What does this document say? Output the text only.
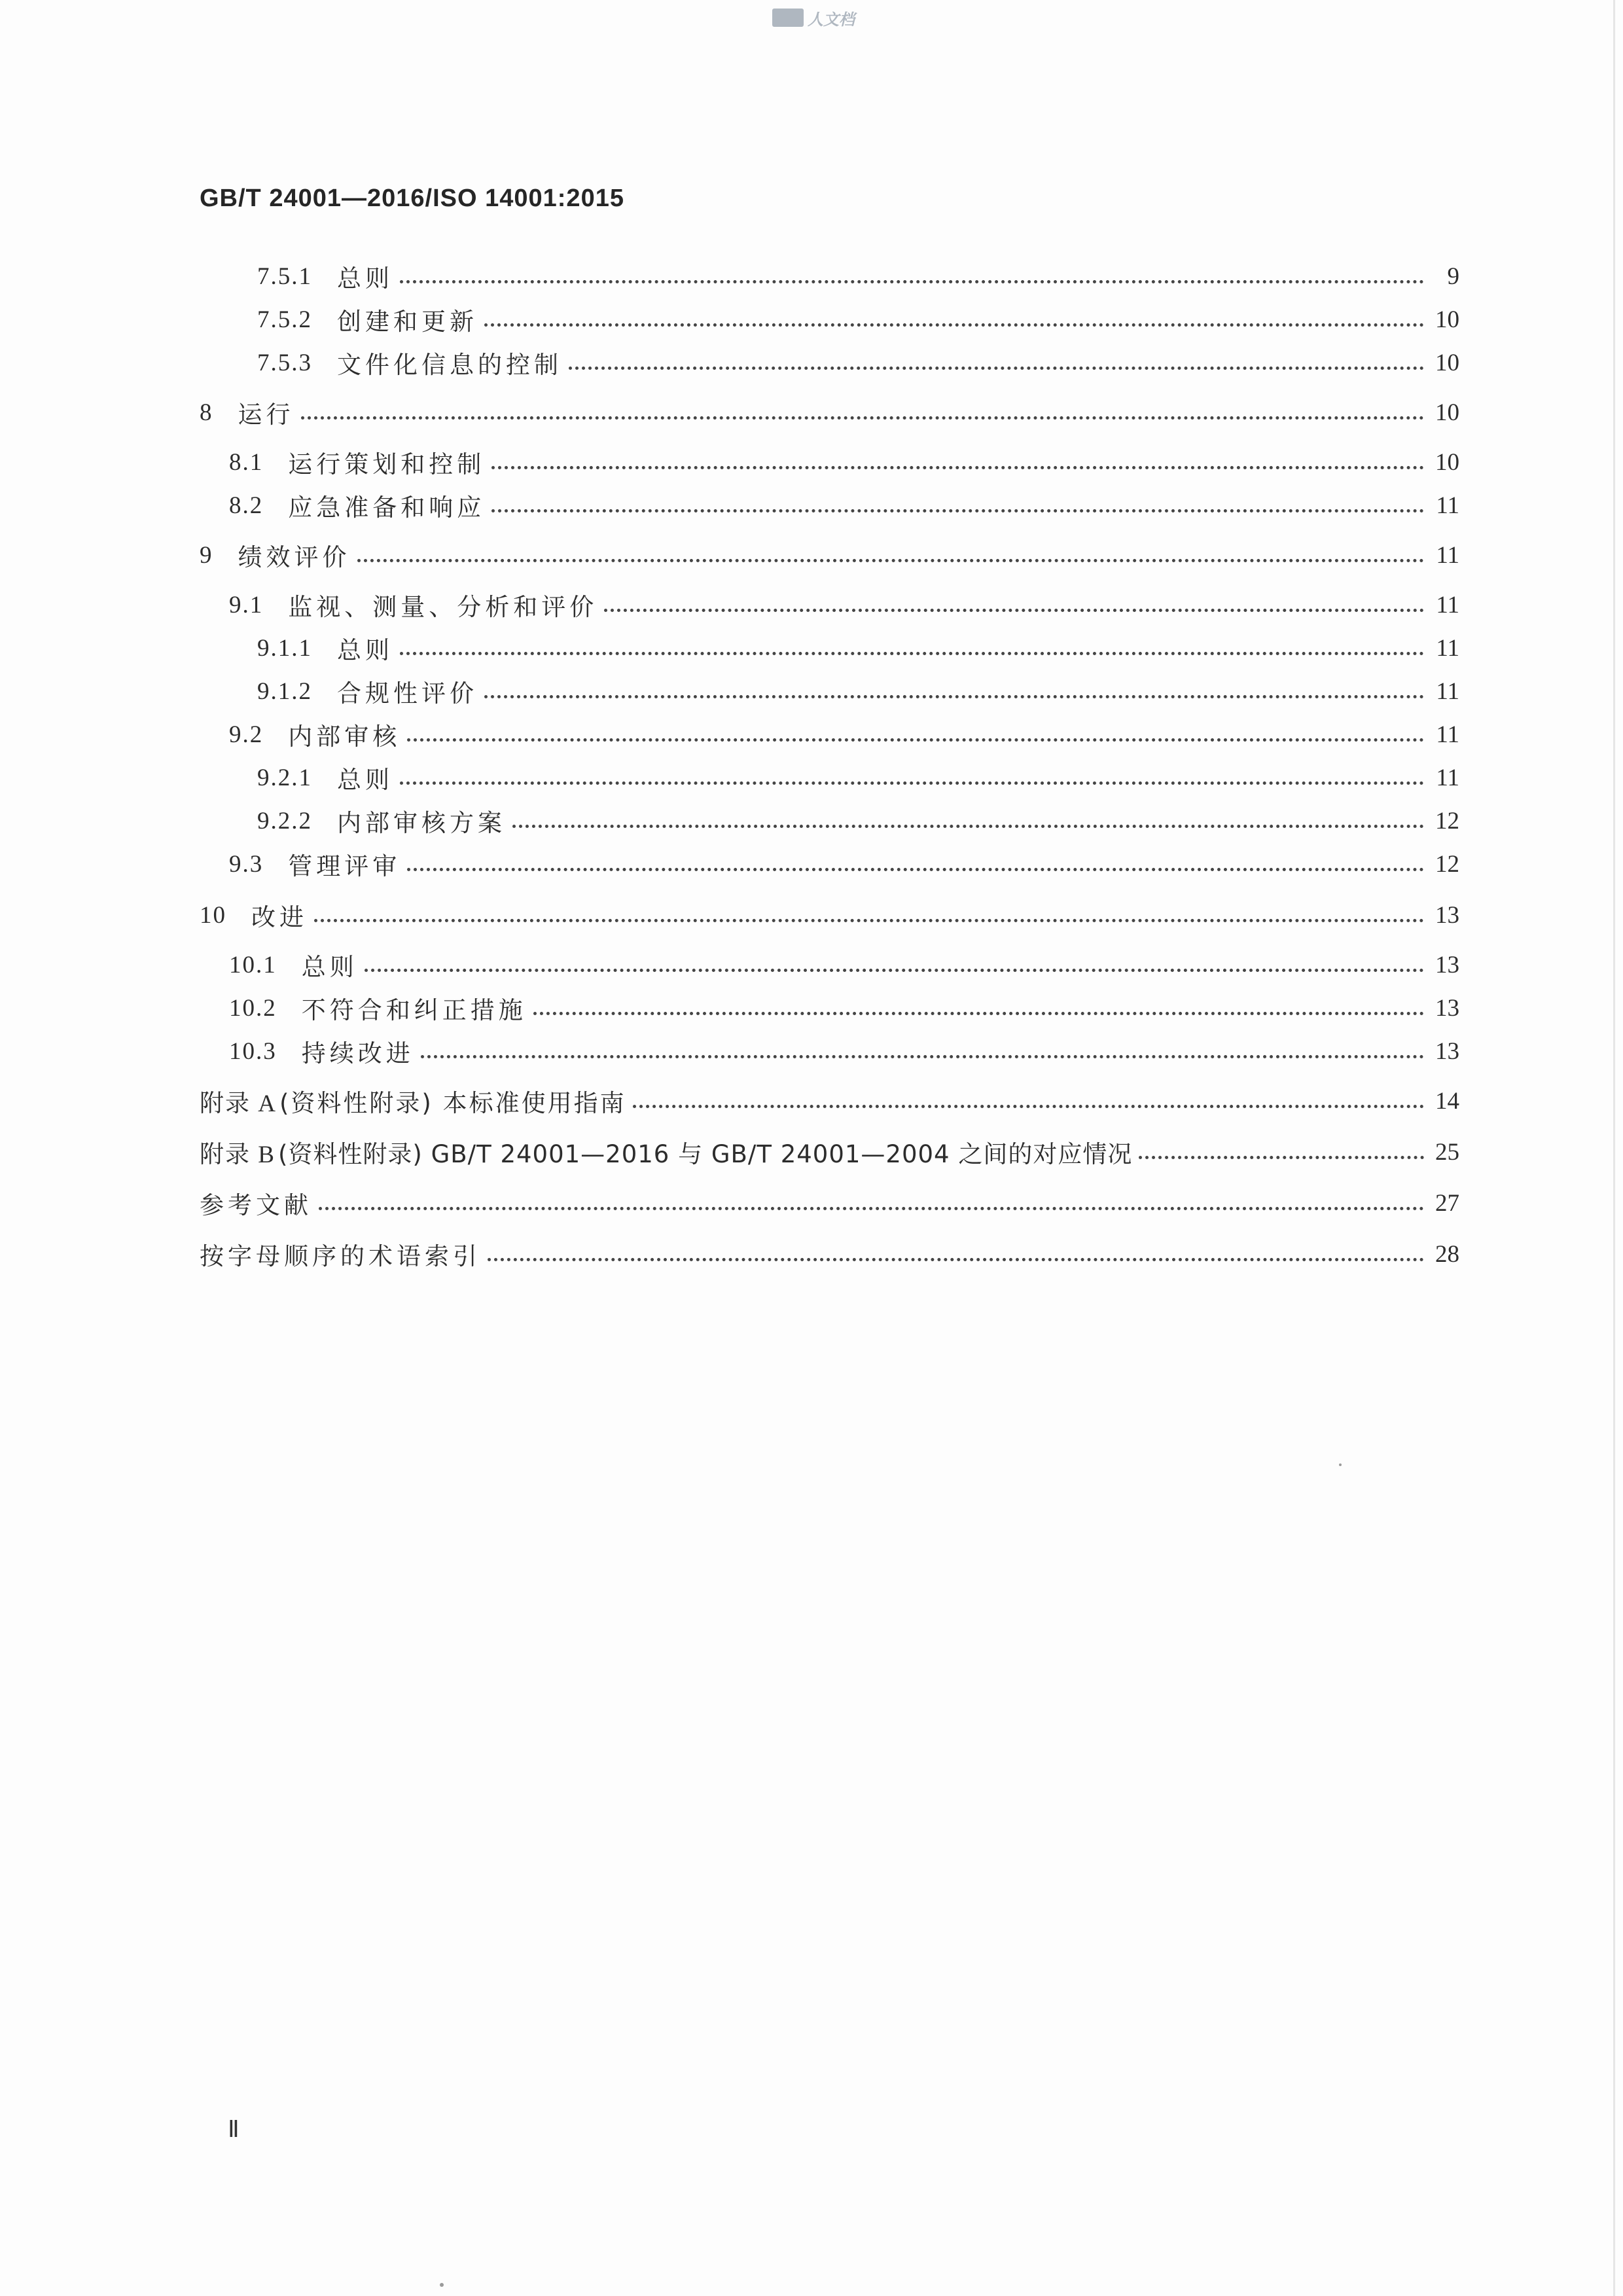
人文档
GB/T 24001—2016/ISO 14001:2015
7.5.1 总则	9
7.5.2 创建和更新	10
7.5.3 文件化信息的控制	10
8 运行	10
8.1 运行策划和控制	10
8.2 应急准备和响应	11
9 绩效评价	11
9.1 监视、测量、分析和评价	11
9.1.1 总则	11
9.1.2 合规性评价	11
9.2 内部审核	11
9.2.1 总则	11
9.2.2 内部审核方案	12
9.3 管理评审	12
10 改进	13
10.1 总则	13
10.2 不符合和纠正措施	13
10.3 持续改进	13
附录 A (资料性附录) 本标准使用指南	14
附录 B (资料性附录) GB/T 24001—2016 与 GB/T 24001—2004 之间的对应情况	25
参考文献	27
按字母顺序的术语索引	28
Ⅱ
